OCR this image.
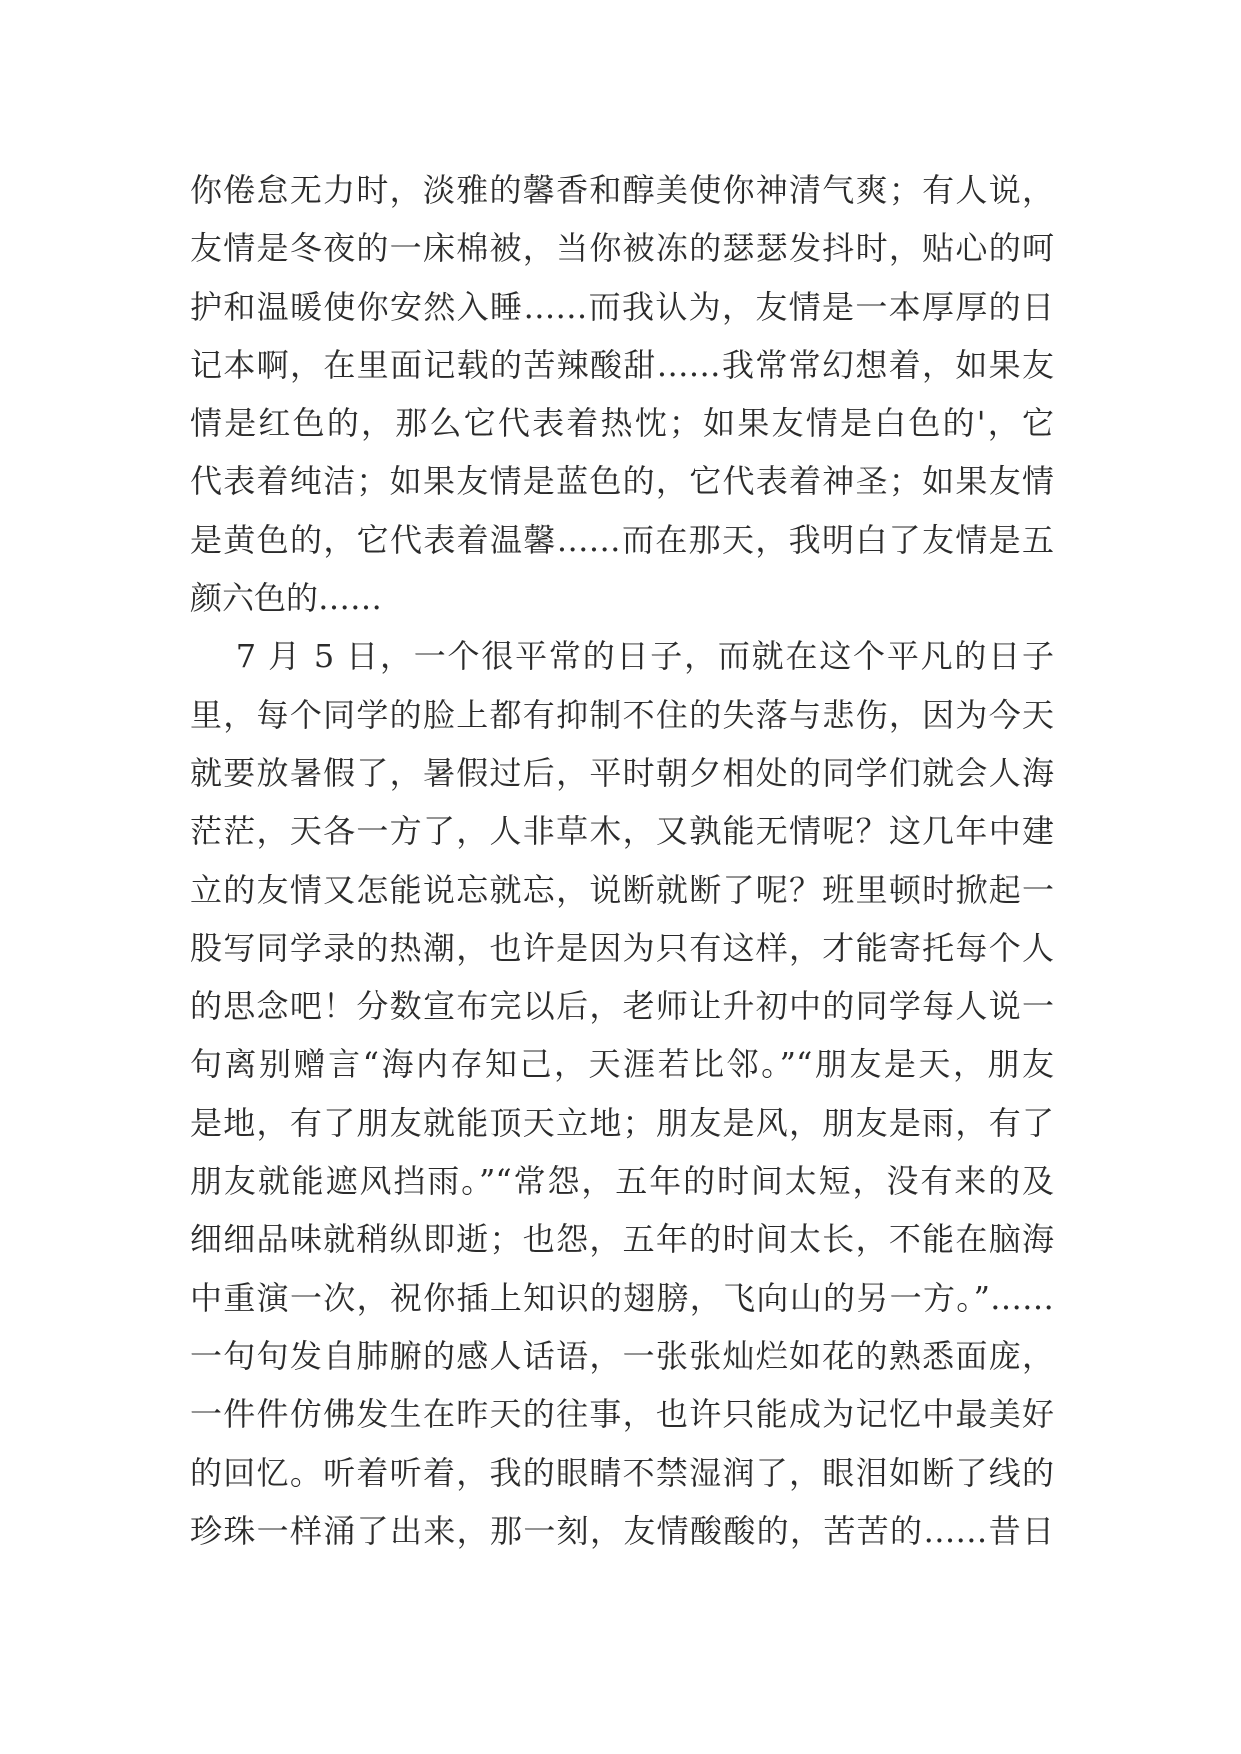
你倦怠无力时，淡雅的馨香和醇美使你神清气爽；有人说，
友情是冬夜的一床棉被，当你被冻的瑟瑟发抖时，贴心的呵
护和温暖使你安然入睡……而我认为，友情是一本厚厚的日
记本啊，在里面记载的苦辣酸甜……我常常幻想着，如果友
情是红色的，那么它代表着热忱；如果友情是白色的'，它
代表着纯洁；如果友情是蓝色的，它代表着神圣；如果友情
是黄色的，它代表着温馨……而在那天，我明白了友情是五
颜六色的……
　 7 月 5 日，一个很平常的日子，而就在这个平凡的日子
里，每个同学的脸上都有抑制不住的失落与悲伤，因为今天
就要放暑假了，暑假过后，平时朝夕相处的同学们就会人海
茫茫，天各一方了，人非草木，又孰能无情呢？这几年中建
立的友情又怎能说忘就忘，说断就断了呢？班里顿时掀起一
股写同学录的热潮，也许是因为只有这样，才能寄托每个人
的思念吧！分数宣布完以后，老师让升初中的同学每人说一
句离别赠言“海内存知己，天涯若比邻。”“朋友是天，朋友
是地，有了朋友就能顶天立地；朋友是风，朋友是雨，有了
朋友就能遮风挡雨。”“常怨，五年的时间太短，没有来的及
细细品味就稍纵即逝；也怨，五年的时间太长，不能在脑海
中重演一次，祝你插上知识的翅膀，飞向山的另一方。”……
一句句发自肺腑的感人话语，一张张灿烂如花的熟悉面庞，
一件件仿佛发生在昨天的往事，也许只能成为记忆中最美好
的回忆。听着听着，我的眼睛不禁湿润了，眼泪如断了线的
珍珠一样涌了出来，那一刻，友情酸酸的，苦苦的……昔日
